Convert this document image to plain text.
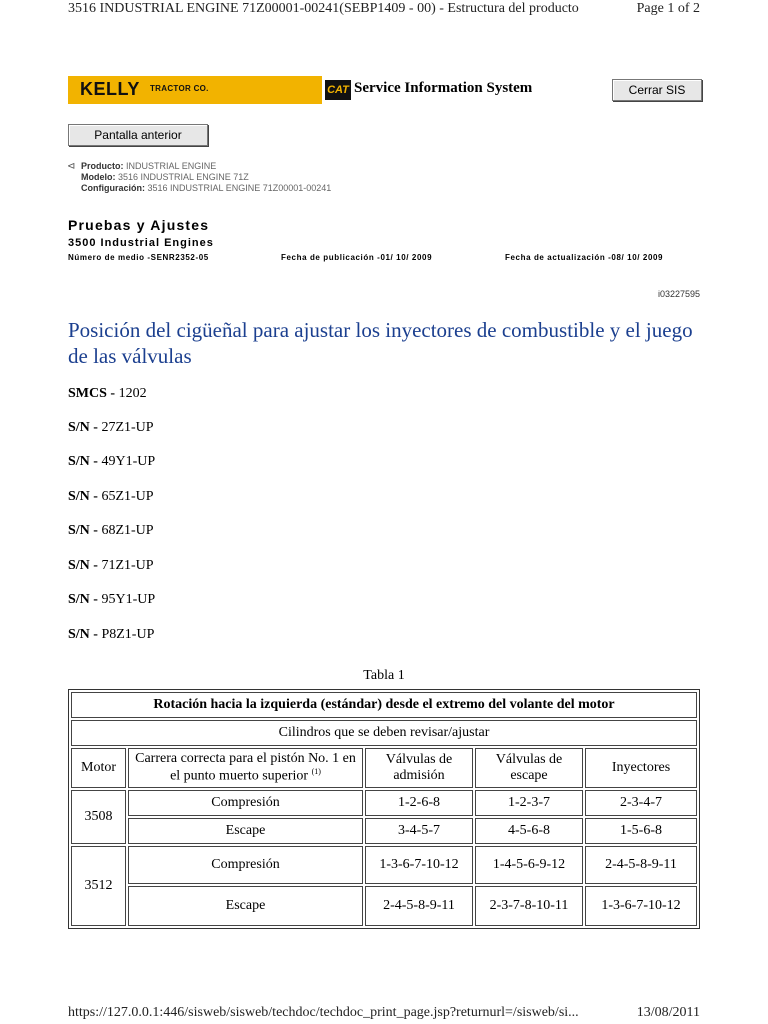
3516 INDUSTRIAL ENGINE 71Z00001-00241(SEBP1409 - 00) - Estructura del producto	Page 1 of 2
KELLY TRACTOR CO.	CAT Service Information System	Cerrar SIS
Pantalla anterior
⊲ Producto: INDUSTRIAL ENGINE
Modelo: 3516 INDUSTRIAL ENGINE 71Z
Configuración: 3516 INDUSTRIAL ENGINE 71Z00001-00241
Pruebas y Ajustes
3500 Industrial Engines
Número de medio -SENR2352-05	Fecha de publicación -01/ 10/ 2009	Fecha de actualización -08/ 10/ 2009
i03227595
Posición del cigüeñal para ajustar los inyectores de combustible y el juego de las válvulas
SMCS - 1202
S/N - 27Z1-UP
S/N - 49Y1-UP
S/N - 65Z1-UP
S/N - 68Z1-UP
S/N - 71Z1-UP
S/N - 95Y1-UP
S/N - P8Z1-UP
Tabla 1
Rotación hacia la izquierda (estándar) desde el extremo del volante del motor				
Cilindros que se deben revisar/ajustar				
Motor	Carrera correcta para el pistón No. 1 en el punto muerto superior $^{(1)}$	Válvulas de admisión	Válvulas de escape	Inyectores
3508	Compresión	1-2-6-8	1-2-3-7	2-3-4-7
	Escape	3-4-5-7	4-5-6-8	1-5-6-8
3512	Compresión	1-3-6-7-10-12	1-4-5-6-9-12	2-4-5-8-9-11
	Escape	2-4-5-8-9-11	2-3-7-8-10-11	1-3-6-7-10-12
https://127.0.0.1:446/sisweb/sisweb/techdoc/techdoc_print_page.jsp?returnurl=/sisweb/si...	13/08/2011
